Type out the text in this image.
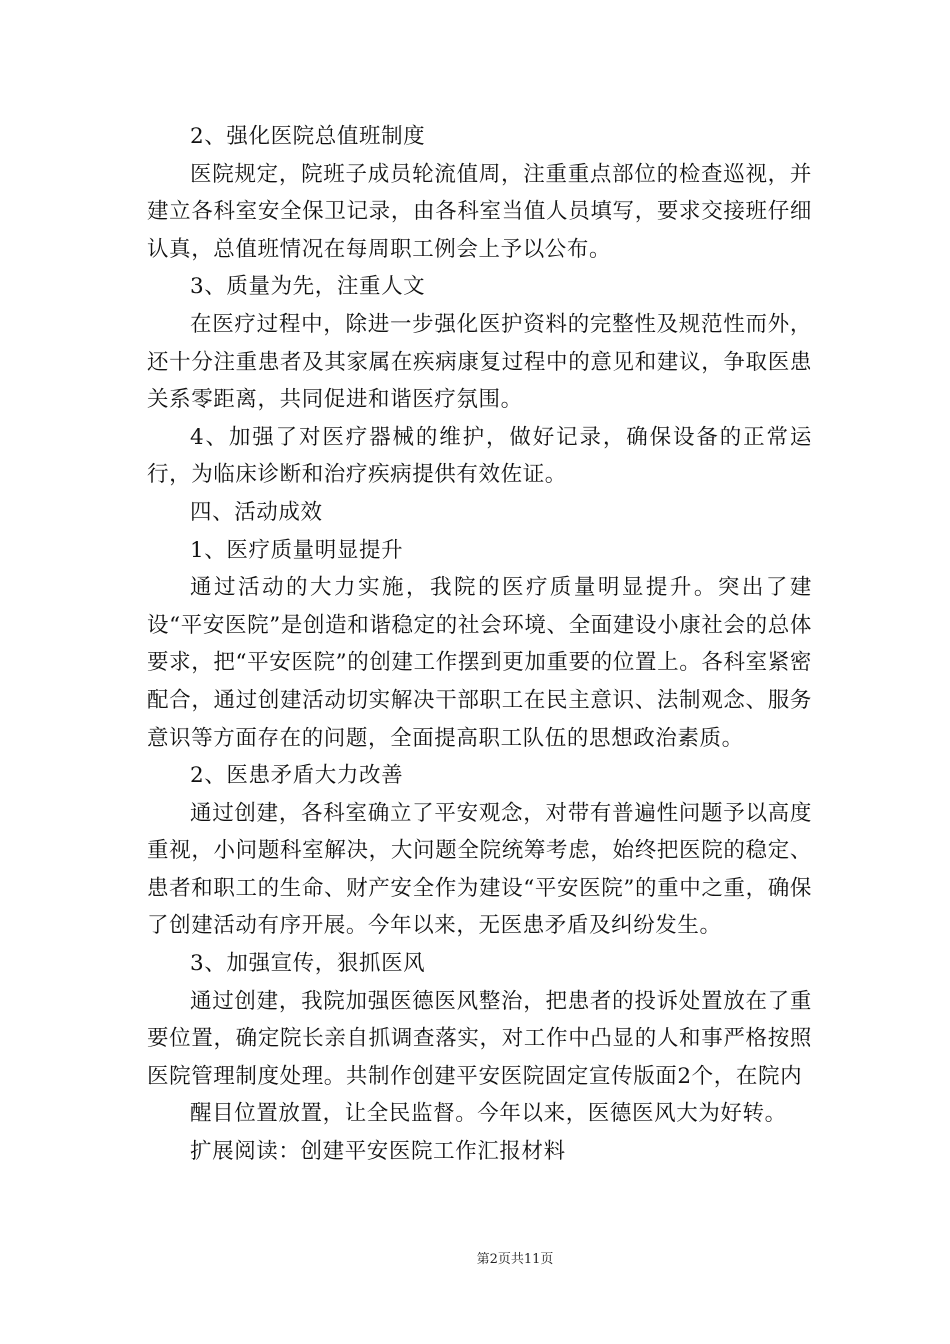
2、强化医院总值班制度

医院规定，院班子成员轮流值周，注重重点部位的检查巡视，并建立各科室安全保卫记录，由各科室当值人员填写，要求交接班仔细认真，总值班情况在每周职工例会上予以公布。

3、质量为先，注重人文

在医疗过程中，除进一步强化医护资料的完整性及规范性而外，还十分注重患者及其家属在疾病康复过程中的意见和建议，争取医患关系零距离，共同促进和谐医疗氛围。

4、加强了对医疗器械的维护，做好记录，确保设备的正常运行，为临床诊断和治疗疾病提供有效佐证。

四、活动成效

1、医疗质量明显提升

通过活动的大力实施，我院的医疗质量明显提升。突出了建设“平安医院”是创造和谐稳定的社会环境、全面建设小康社会的总体要求，把“平安医院”的创建工作摆到更加重要的位置上。各科室紧密配合，通过创建活动切实解决干部职工在民主意识、法制观念、服务意识等方面存在的问题，全面提高职工队伍的思想政治素质。

2、医患矛盾大力改善

通过创建，各科室确立了平安观念，对带有普遍性问题予以高度重视，小问题科室解决，大问题全院统筹考虑，始终把医院的稳定、患者和职工的生命、财产安全作为建设“平安医院”的重中之重，确保了创建活动有序开展。今年以来，无医患矛盾及纠纷发生。

3、加强宣传，狠抓医风

通过创建，我院加强医德医风整治，把患者的投诉处置放在了重要位置，确定院长亲自抓调查落实，对工作中凸显的人和事严格按照医院管理制度处理。共制作创建平安医院固定宣传版面2个，在院内

醒目位置放置，让全民监督。今年以来，医德医风大为好转。

扩展阅读：创建平安医院工作汇报材料

第2页共11页
